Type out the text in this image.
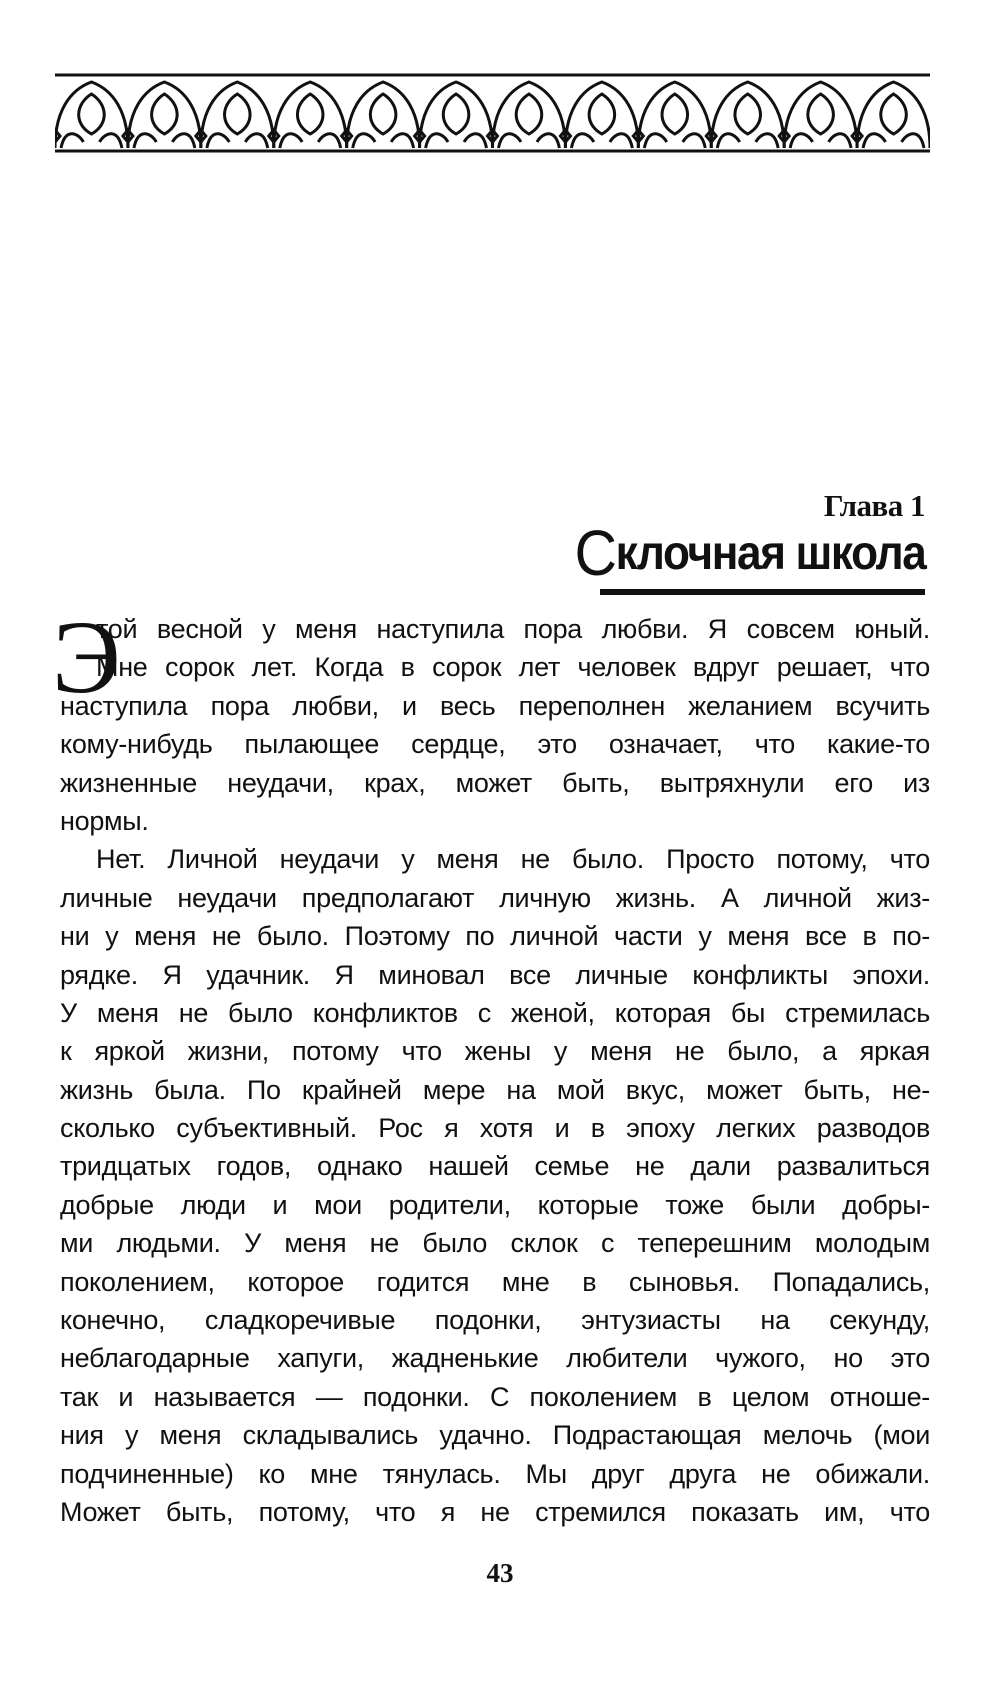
Глава 1
Склочная школа
Э
той весной у меня наступила пора любви. Я совсем юный.
Мне сорок лет. Когда в сорок лет человек вдруг решает, что
наступила пора любви, и весь переполнен желанием всучить
кому-нибудь пылающее сердце, это означает, что какие-то
жизненные неудачи, крах, может быть, вытряхнули его из
нормы.
Нет. Личной неудачи у меня не было. Просто потому, что
личные неудачи предполагают личную жизнь. А личной жиз-
ни у меня не было. Поэтому по личной части у меня все в по-
рядке. Я удачник. Я миновал все личные конфликты эпохи.
У меня не было конфликтов с женой, которая бы стремилась
к яркой жизни, потому что жены у меня не было, а яркая
жизнь была. По крайней мере на мой вкус, может быть, не-
сколько субъективный. Рос я хотя и в эпоху легких разводов
тридцатых годов, однако нашей семье не дали развалиться
добрые люди и мои родители, которые тоже были добры-
ми людьми. У меня не было склок с теперешним молодым
поколением, которое годится мне в сыновья. Попадались,
конечно, сладкоречивые подонки, энтузиасты на секунду,
неблагодарные хапуги, жадненькие любители чужого, но это
так и называется — подонки. С поколением в целом отноше-
ния у меня складывались удачно. Подрастающая мелочь (мои
подчиненные) ко мне тянулась. Мы друг друга не обижали.
Может быть, потому, что я не стремился показать им, что
43
